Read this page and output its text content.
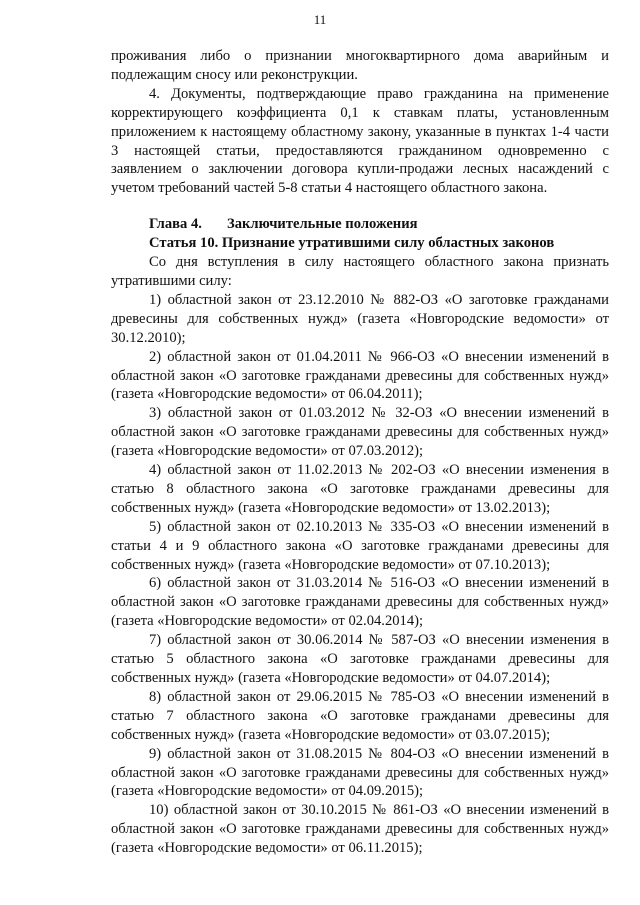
11

проживания либо о признании многоквартирного дома аварийным и подлежащим сносу или реконструкции.

4. Документы, подтверждающие право гражданина на применение корректирующего коэффициента 0,1 к ставкам платы, установленным приложением к настоящему областному закону, указанные в пунктах 1-4 части 3 настоящей статьи, предоставляются гражданином одновременно с заявлением о заключении договора купли-продажи лесных насаждений с учетом требований частей 5-8 статьи 4 настоящего областного закона.

Глава 4. Заключительные положения
Статья 10. Признание утратившими силу областных законов

Со дня вступления в силу настоящего областного закона признать утратившими силу:

1) областной закон от 23.12.2010 № 882-ОЗ «О заготовке гражданами древесины для собственных нужд» (газета «Новгородские ведомости» от 30.12.2010);

2) областной закон от 01.04.2011 № 966-ОЗ «О внесении изменений в областной закон «О заготовке гражданами древесины для собственных нужд» (газета «Новгородские ведомости» от 06.04.2011);

3) областной закон от 01.03.2012 № 32-ОЗ «О внесении изменений в областной закон «О заготовке гражданами древесины для собственных нужд» (газета «Новгородские ведомости» от 07.03.2012);

4) областной закон от 11.02.2013 № 202-ОЗ «О внесении изменения в статью 8 областного закона «О заготовке гражданами древесины для собственных нужд» (газета «Новгородские ведомости» от 13.02.2013);

5) областной закон от 02.10.2013 № 335-ОЗ «О внесении изменений в статьи 4 и 9 областного закона «О заготовке гражданами древесины для собственных нужд» (газета «Новгородские ведомости» от 07.10.2013);

6) областной закон от 31.03.2014 № 516-ОЗ «О внесении изменений в областной закон «О заготовке гражданами древесины для собственных нужд» (газета «Новгородские ведомости» от 02.04.2014);

7) областной закон от 30.06.2014 № 587-ОЗ «О внесении изменения в статью 5 областного закона «О заготовке гражданами древесины для собственных нужд» (газета «Новгородские ведомости» от 04.07.2014);

8) областной закон от 29.06.2015 № 785-ОЗ «О внесении изменений в статью 7 областного закона «О заготовке гражданами древесины для собственных нужд» (газета «Новгородские ведомости» от 03.07.2015);

9) областной закон от 31.08.2015 № 804-ОЗ «О внесении изменений в областной закон «О заготовке гражданами древесины для собственных нужд» (газета «Новгородские ведомости» от 04.09.2015);

10) областной закон от 30.10.2015 № 861-ОЗ «О внесении изменений в областной закон «О заготовке гражданами древесины для собственных нужд» (газета «Новгородские ведомости» от 06.11.2015);
